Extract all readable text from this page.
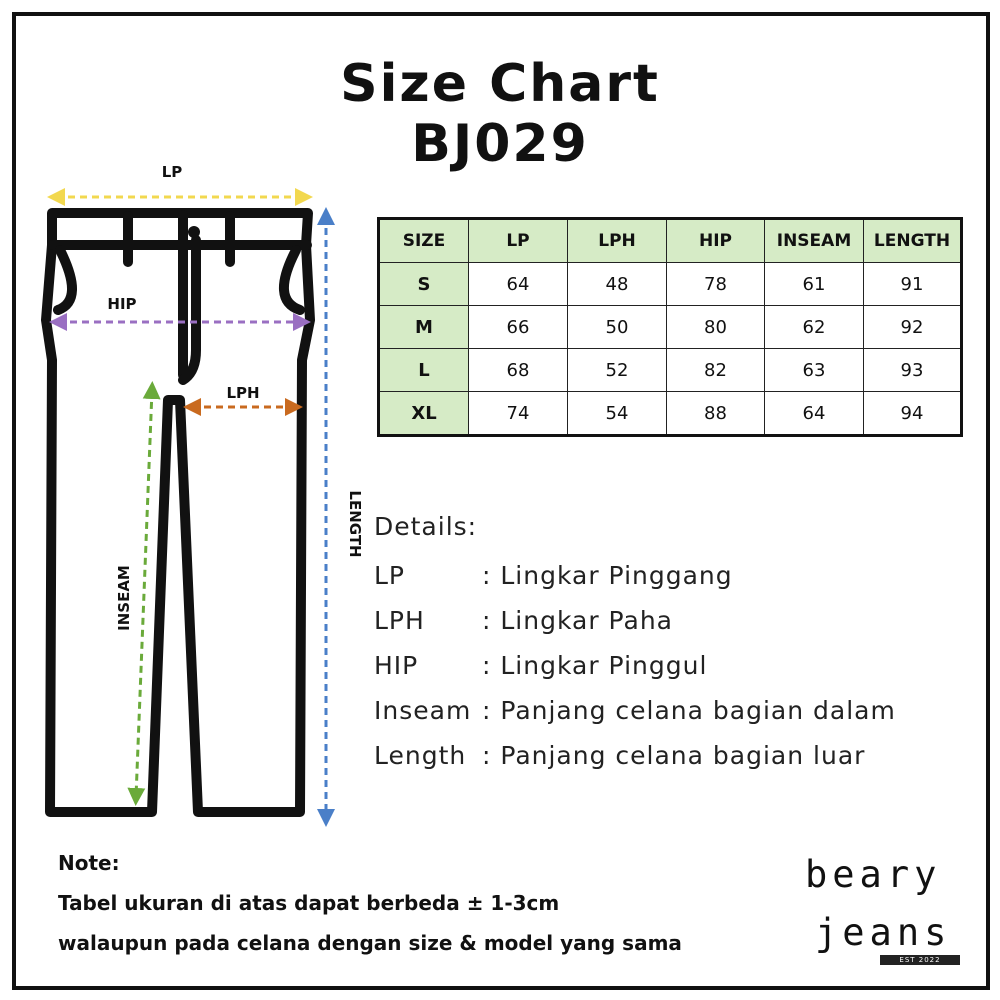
Size Chart
BJ029
LP
HIP
LPH
INSEAM
LENGTH
SIZE	LP	LPH	HIP	INSEAM	LENGTH
S	64	48	78	61	91
M	66	50	80	62	92
L	68	52	82	63	93
XL	74	54	88	64	94
Details:
LP	: Lingkar Pinggang
LPH	: Lingkar Paha
HIP	: Lingkar Pinggul
Inseam : Panjang celana bagian dalam
Length : Panjang celana bagian luar
Note:
Tabel ukuran di atas dapat berbeda ± 1-3cm
walaupun pada celana dengan size & model yang sama
beary
jeans
EST 2022
